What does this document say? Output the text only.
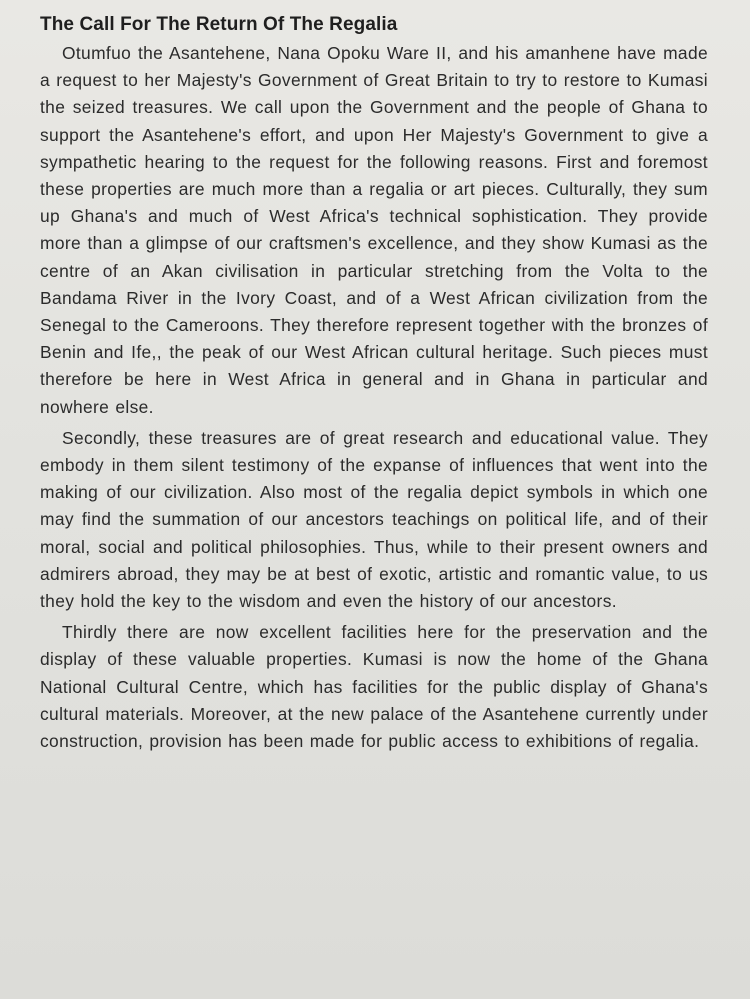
The Call For The Return Of The Regalia

Otumfuo the Asantehene, Nana Opoku Ware II, and his amanhene have made a request to her Majesty's Government of Great Britain to try to restore to Kumasi the seized treasures. We call upon the Government and the people of Ghana to support the Asantehene's effort, and upon Her Majesty's Government to give a sympathetic hearing to the request for the following reasons. First and foremost these properties are much more than a regalia or art pieces. Culturally, they sum up Ghana's and much of West Africa's technical sophistication. They provide more than a glimpse of our craftsmen's excellence, and they show Kumasi as the centre of an Akan civilisation in particular stretching from the Volta to the Bandama River in the Ivory Coast, and of a West African civilization from the Senegal to the Cameroons. They therefore represent together with the bronzes of Benin and Ife,, the peak of our West African cultural heritage. Such pieces must therefore be here in West Africa in general and in Ghana in particular and nowhere else.

Secondly, these treasures are of great research and educational value. They embody in them silent testimony of the expanse of influences that went into the making of our civilization. Also most of the regalia depict symbols in which one may find the summation of our ancestors teachings on political life, and of their moral, social and political philosophies. Thus, while to their present owners and admirers abroad, they may be at best of exotic, artistic and romantic value, to us they hold the key to the wisdom and even the history of our ancestors.

Thirdly there are now excellent facilities here for the preservation and the display of these valuable properties. Kumasi is now the home of the Ghana National Cultural Centre, which has facilities for the public display of Ghana's cultural materials. Moreover, at the new palace of the Asantehene currently under construction, provision has been made for public access to exhibitions of regalia.
